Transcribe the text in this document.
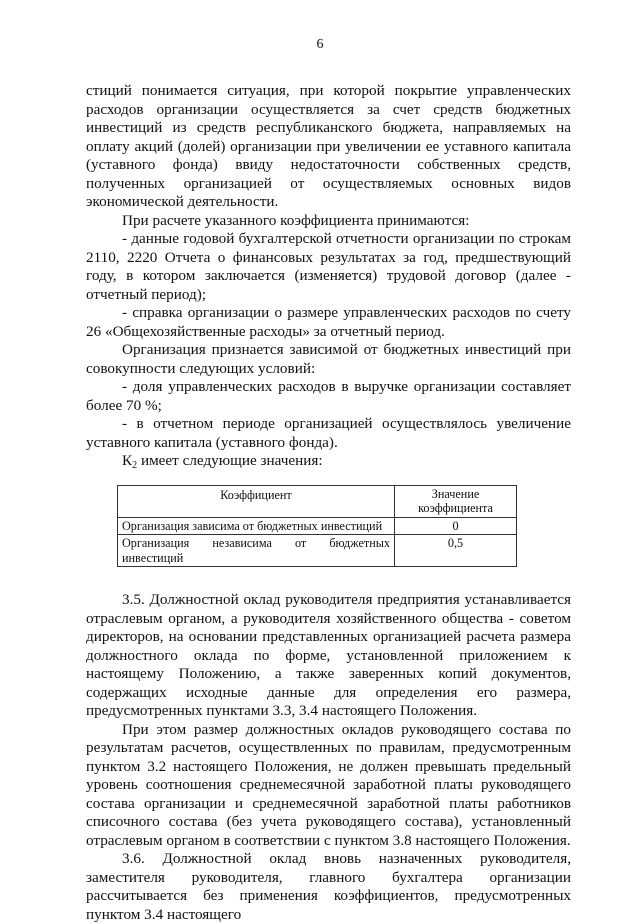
6

стиций понимается ситуация, при которой покрытие управленческих расходов организации осуществляется за счет средств бюджетных инвестиций из средств республиканского бюджета, направляемых на оплату акций (долей) организации при увеличении ее уставного капитала (уставного фонда) ввиду недостаточности собственных средств, полученных организацией от осуществляемых основных видов экономической деятельности.

При расчете указанного коэффициента принимаются:

- данные годовой бухгалтерской отчетности организации по строкам 2110, 2220 Отчета о финансовых результатах за год, предшествующий году, в котором заключается (изменяется) трудовой договор (далее - отчетный период);

- справка организации о размере управленческих расходов по счету 26 «Общехозяйственные расходы» за отчетный период.

Организация признается зависимой от бюджетных инвестиций при совокупности следующих условий:

- доля управленческих расходов в выручке организации составляет более 70 %;

- в отчетном периоде организацией осуществлялось увеличение уставного капитала (уставного фонда).

$К_2$ имеет следующие значения:

Коэффициент	Значение коэффициента
Организация зависима от бюджетных инвестиций	0
Организация независима от бюджетных инвестиций	0,5

3.5. Должностной оклад руководителя предприятия устанавливается отраслевым органом, а руководителя хозяйственного общества - советом директоров, на основании представленных организацией расчета размера должностного оклада по форме, установленной приложением к настоящему Положению, а также заверенных копий документов, содержащих исходные данные для определения его размера, предусмотренных пунктами 3.3, 3.4 настоящего Положения.

При этом размер должностных окладов руководящего состава по результатам расчетов, осуществленных по правилам, предусмотренным пунктом 3.2 настоящего Положения, не должен превышать предельный уровень соотношения среднемесячной заработной платы руководящего состава организации и среднемесячной заработной платы работников списочного состава (без учета руководящего состава), установленный отраслевым органом в соответствии с пунктом 3.8 настоящего Положения.

3.6. Должностной оклад вновь назначенных руководителя, заместителя руководителя, главного бухгалтера организации рассчитывается без применения коэффициентов, предусмотренных пунктом 3.4 настоящего
